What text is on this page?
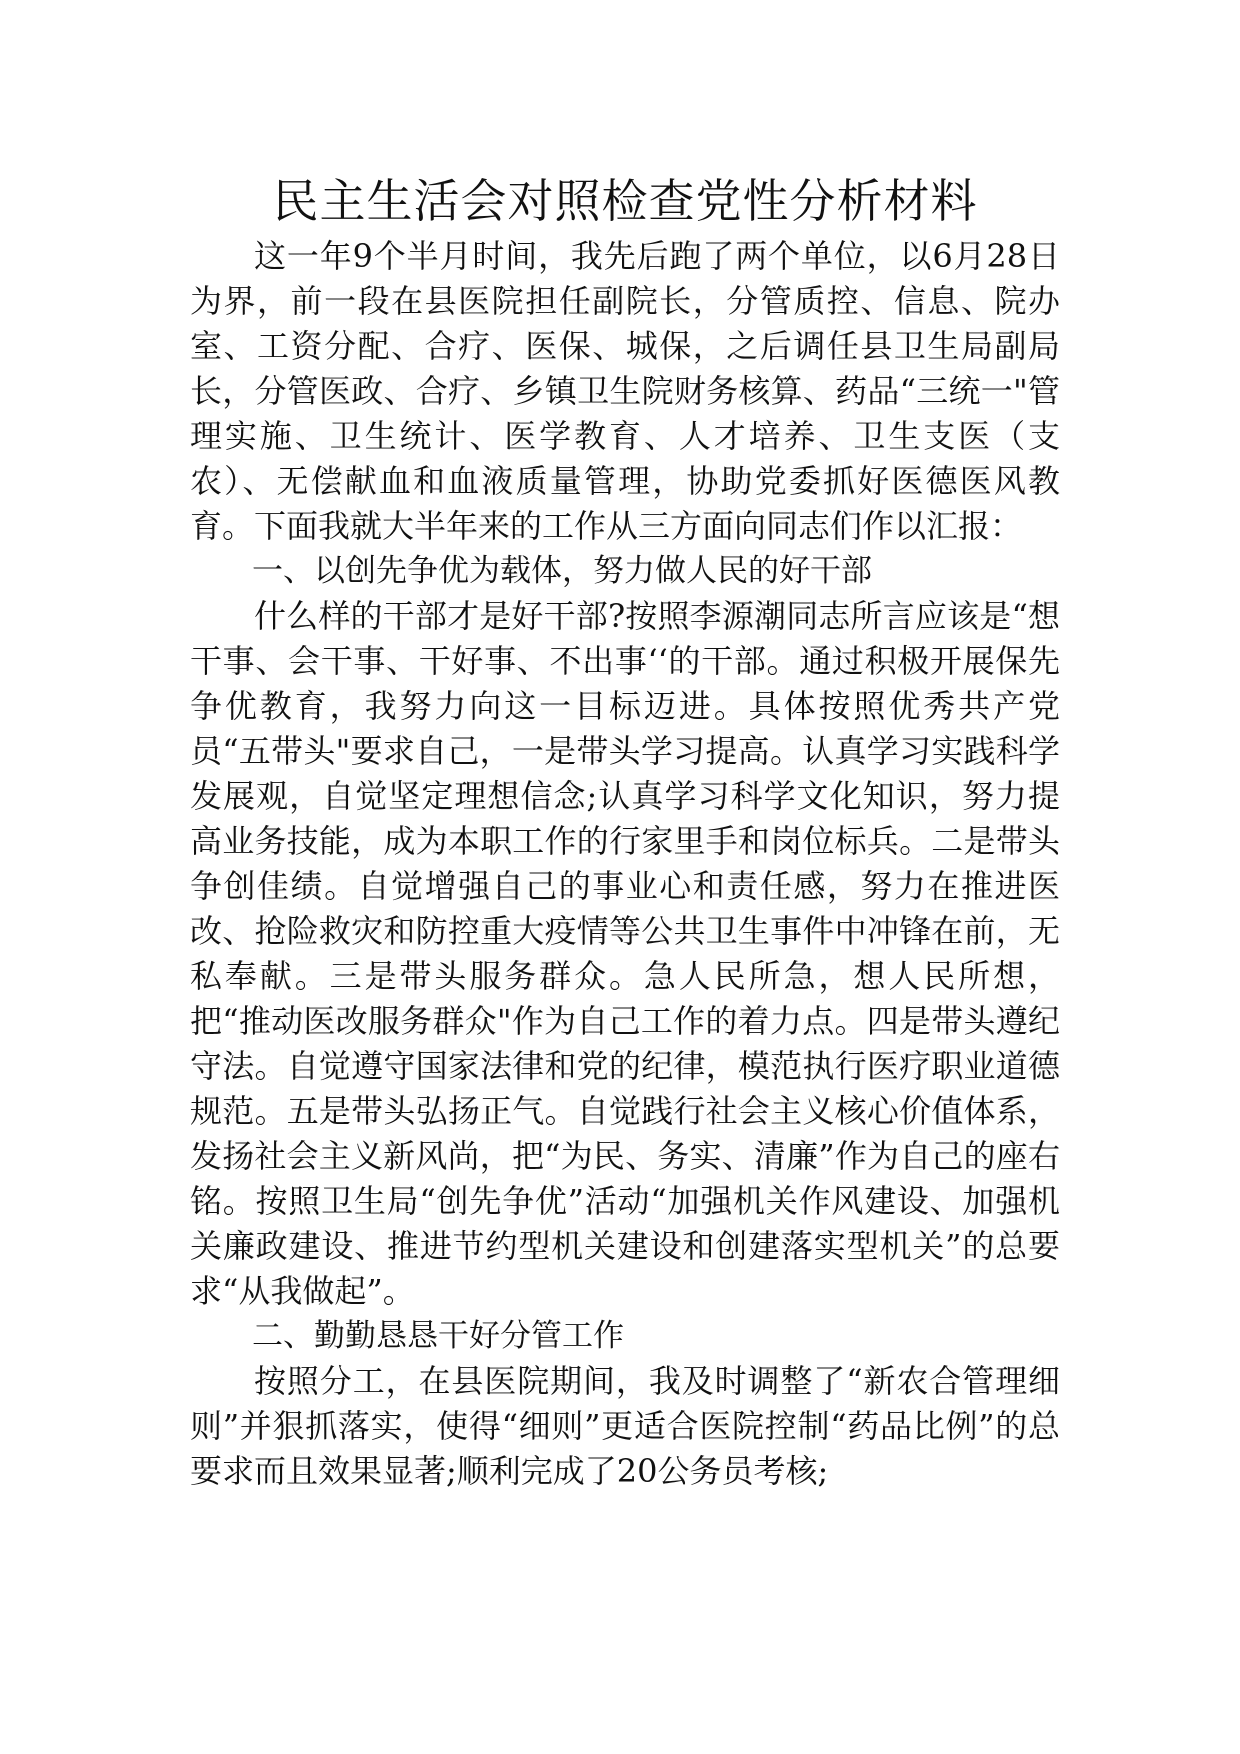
民主生活会对照检查党性分析材料

这一年9个半月时间，我先后跑了两个单位，以6月28日为界，前一段在县医院担任副院长，分管质控、信息、院办室、工资分配、合疗、医保、城保，之后调任县卫生局副局长，分管医政、合疗、乡镇卫生院财务核算、药品“三统一"管理实施、卫生统计、医学教育、人才培养、卫生支医（支农）、无偿献血和血液质量管理，协助党委抓好医德医风教育。下面我就大半年来的工作从三方面向同志们作以汇报：

一、以创先争优为载体，努力做人民的好干部

什么样的干部才是好干部?按照李源潮同志所言应该是“想干事、会干事、干好事、不出事‘‘的干部。通过积极开展保先争优教育，我努力向这一目标迈进。具体按照优秀共产党员“五带头"要求自己，一是带头学习提高。认真学习实践科学发展观，自觉坚定理想信念;认真学习科学文化知识，努力提高业务技能，成为本职工作的行家里手和岗位标兵。二是带头争创佳绩。自觉增强自己的事业心和责任感，努力在推进医改、抢险救灾和防控重大疫情等公共卫生事件中冲锋在前，无私奉献。三是带头服务群众。急人民所急，想人民所想，把“推动医改服务群众"作为自己工作的着力点。四是带头遵纪守法。自觉遵守国家法律和党的纪律，模范执行医疗职业道德规范。五是带头弘扬正气。自觉践行社会主义核心价值体系，发扬社会主义新风尚，把“为民、务实、清廉”作为自己的座右铭。按照卫生局“创先争优”活动“加强机关作风建设、加强机关廉政建设、推进节约型机关建设和创建落实型机关”的总要求“从我做起”。

二、勤勤恳恳干好分管工作

按照分工，在县医院期间，我及时调整了“新农合管理细则”并狠抓落实，使得“细则”更适合医院控制“药品比例”的总要求而且效果显著;顺利完成了20公务员考核;
